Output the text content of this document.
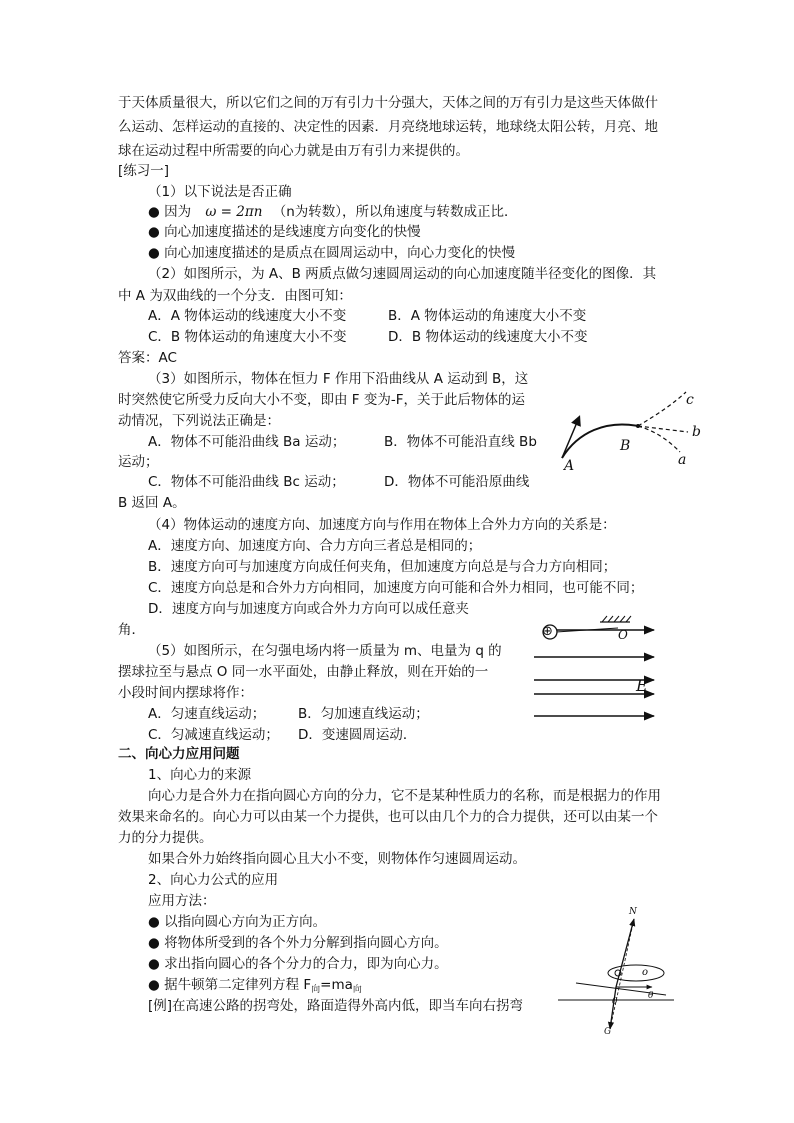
于天体质量很大，所以它们之间的万有引力十分强大，天体之间的万有引力是这些天体做什
么运动、怎样运动的直接的、决定性的因素．月亮绕地球运转，地球绕太阳公转，月亮、地
球在运动过程中所需要的向心力就是由万有引力来提供的。
[练习一]
（1）以下说法是否正确
● 因为 ω = 2πn （n为转数），所以角速度与转数成正比．
● 向心加速度描述的是线速度方向变化的快慢
● 向心加速度描述的是质点在圆周运动中，向心力变化的快慢
（2）如图所示，为 A、B 两质点做匀速圆周运动的向心加速度随半径变化的图像．其
中 A 为双曲线的一个分支．由图可知：
A．A 物体运动的线速度大小不变	B．A 物体运动的角速度大小不变
C．B 物体运动的角速度大小不变	D．B 物体运动的线速度大小不变
答案：AC
（3）如图所示，物体在恒力 F 作用下沿曲线从 A 运动到 B，这
时突然使它所受力反向大小不变，即由 F 变为-F，关于此后物体的运
动情况，下列说法正确是：
A．物体不可能沿曲线 Ba 运动；	B．物体不可能沿直线 Bb
运动；
C．物体不可能沿曲线 Bc 运动；	D．物体不可能沿原曲线
B 返回 A。
（4）物体运动的速度方向、加速度方向与作用在物体上合外力方向的关系是：
A．速度方向、加速度方向、合力方向三者总是相同的；
B．速度方向可与加速度方向成任何夹角，但加速度方向总是与合力方向相同；
C．速度方向总是和合外力方向相同，加速度方向可能和合外力相同，也可能不同；
D．速度方向与加速度方向或合外力方向可以成任意夹
角．
（5）如图所示，在匀强电场内将一质量为 m、电量为 q 的
摆球拉至与悬点 O 同一水平面处，由静止释放，则在开始的一
小段时间内摆球将作：
A．匀速直线运动； B．匀加速直线运动；
C．匀减速直线运动； D．变速圆周运动．
二、向心力应用问题
1、向心力的来源
向心力是合外力在指向圆心方向的分力，它不是某种性质力的名称，而是根据力的作用
效果来命名的。向心力可以由某一个力提供，也可以由几个力的合力提供，还可以由某一个
力的分力提供。
如果合外力始终指向圆心且大小不变，则物体作匀速圆周运动。
2、向心力公式的应用
应用方法：
● 以指向圆心方向为正方向。
● 将物体所受到的各个外力分解到指向圆心方向。
● 求出指向圆心的各个分力的合力，即为向心力。
● 据牛顿第二定律列方程 $F_向=ma_向$
[例]在高速公路的拐弯处，路面造得外高内低，即当车向右拐弯
A
B
a
b
c
⊕	O
E
N
G
o
θ
θ
